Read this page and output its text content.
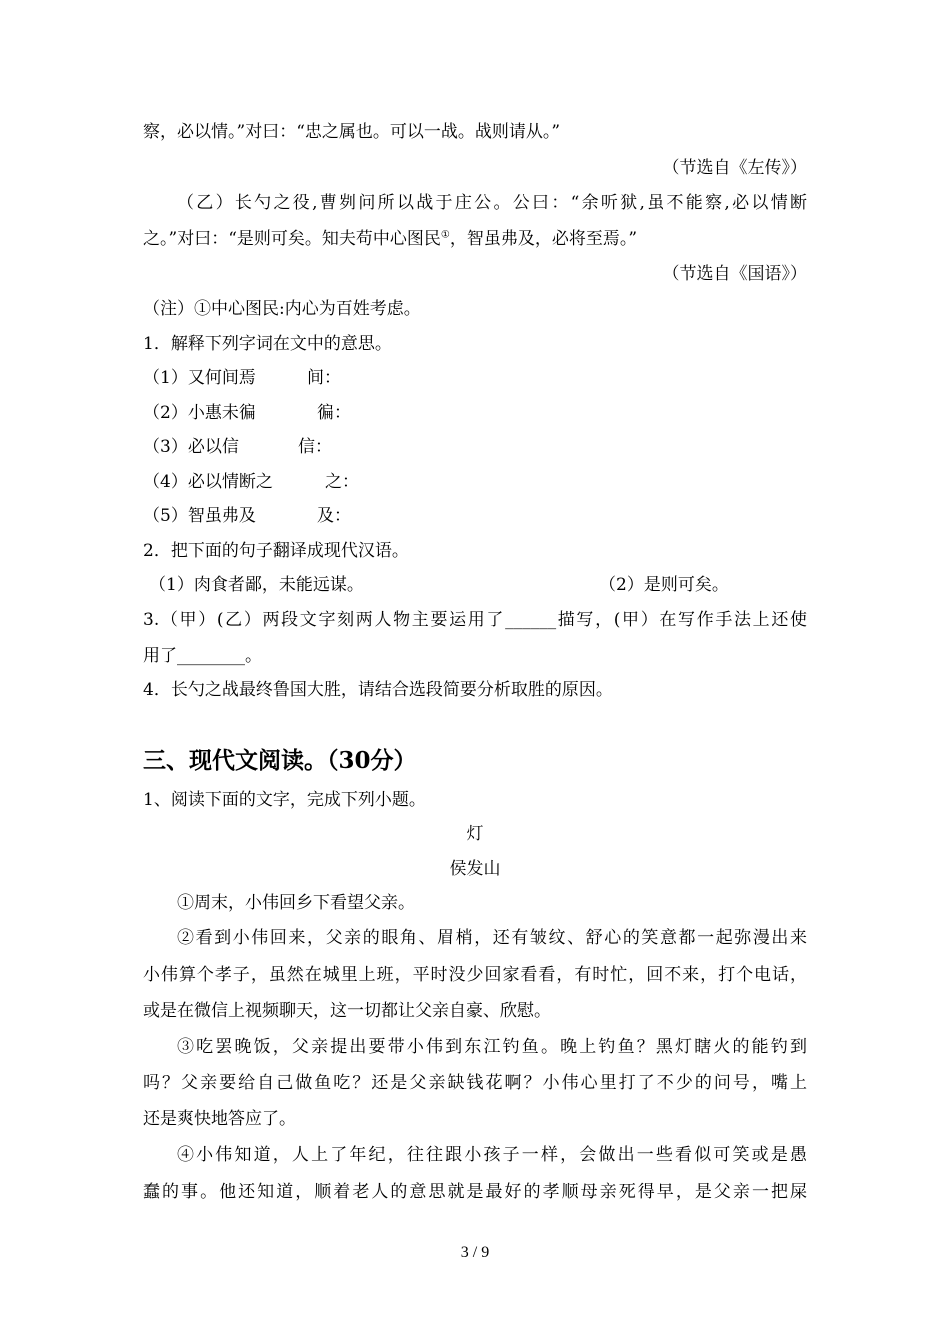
察，必以情。”对曰：“忠之属也。可以一战。战则请从。”
（节选自《左传》）
（乙）长勺之役,曹刿问所以战于庄公。公曰：“余听狱,虽不能察,必以情断
之。”对曰：“是则可矣。知夫苟中心图民①，智虽弗及，必将至焉。”
（节选自《国语》）
（注）①中心图民:内心为百姓考虑。
1．解释下列字词在文中的意思。
（1）又何间焉	间：
（2）小惠未徧	徧：
（3）必以信	信：
（4）必以情断之	之：
（5）智虽弗及	及：
2．把下面的句子翻译成现代汉语。
（1）肉食者鄙，未能远谋。	（2）是则可矣。
3.（甲）(乙）两段文字刻两人物主要运用了______描写，(甲）在写作手法上还使
用了________。
4．长勺之战最终鲁国大胜，请结合选段简要分析取胜的原因。
三、现代文阅读。（30分）
1、阅读下面的文字，完成下列小题。
灯
侯发山
①周末，小伟回乡下看望父亲。
②看到小伟回来，父亲的眼角、眉梢，还有皱纹、舒心的笑意都一起弥漫出来
小伟算个孝子，虽然在城里上班，平时没少回家看看，有时忙，回不来，打个电话，
或是在微信上视频聊天，这一切都让父亲自豪、欣慰。
③吃罢晚饭，父亲提出要带小伟到东江钓鱼。晚上钓鱼？黑灯瞎火的能钓到
吗？父亲要给自己做鱼吃？还是父亲缺钱花啊？小伟心里打了不少的问号，嘴上
还是爽快地答应了。
④小伟知道，人上了年纪，往往跟小孩子一样，会做出一些看似可笑或是愚
蠢的事。他还知道，顺着老人的意思就是最好的孝顺母亲死得早，是父亲一把屎
3 / 9
